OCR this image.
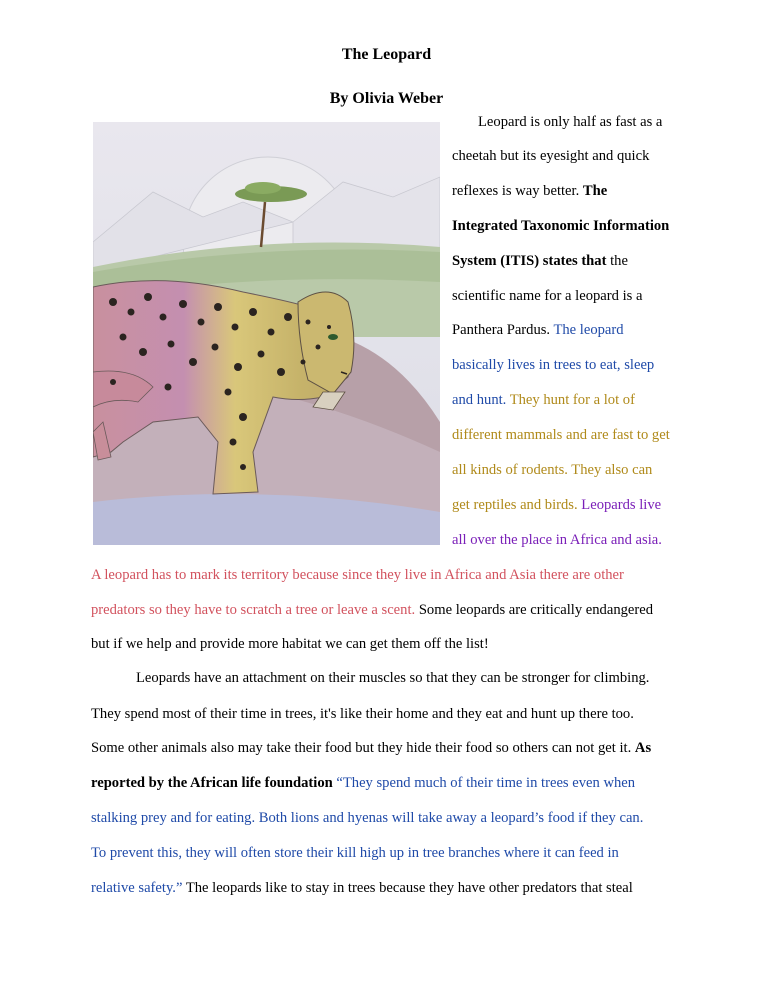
The Leopard
By Olivia Weber
Leopard is only half as fast as a
cheetah but its eyesight and quick
reflexes is way better. The
Integrated Taxonomic Information
System (ITIS) states that the
scientific name for a leopard is a
Panthera Pardus. The leopard
basically lives in trees to eat, sleep
and hunt. They hunt for a lot of
different mammals and are fast to get
all kinds of rodents. They also can
get reptiles and birds. Leopards live
all over the place in Africa and asia.
A leopard has to mark its territory because since they live in Africa and Asia there are other
predators so they have to scratch a tree or leave a scent. Some leopards are critically endangered
but if we help and provide more habitat we can get them off the list!
Leopards have an attachment on their muscles so that they can be stronger for climbing.
They spend most of their time in trees, it's like their home and they eat and hunt up there too.
Some other animals also may take their food but they hide their food so others can not get it. As
reported by the African life foundation “They spend much of their time in trees even when
stalking prey and for eating. Both lions and hyenas will take away a leopard’s food if they can.
To prevent this, they will often store their kill high up in tree branches where it can feed in
relative safety.” The leopards like to stay in trees because they have other predators that steal
